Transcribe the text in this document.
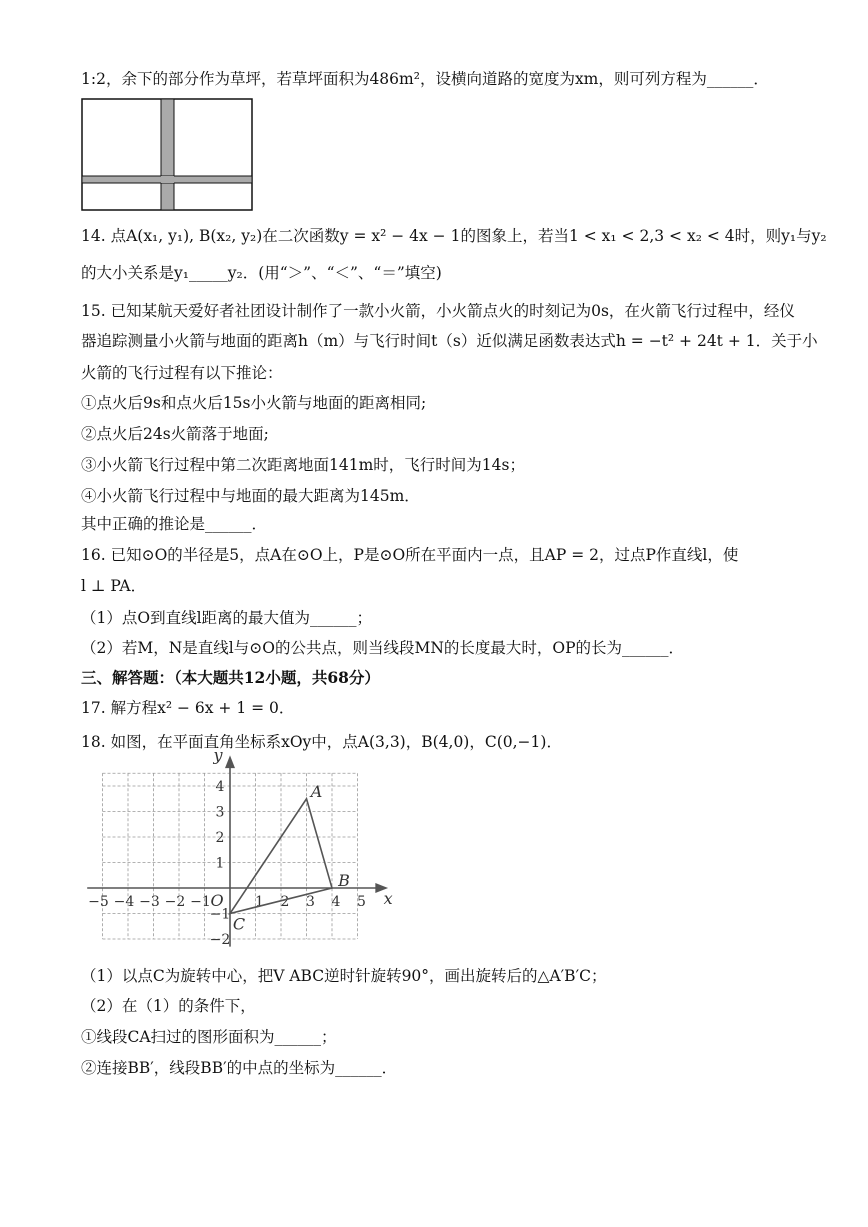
1:2，余下的部分作为草坪，若草坪面积为486m²，设横向道路的宽度为xm，则可列方程为______．
14. 点A(x₁, y₁), B(x₂, y₂)在二次函数y = x² − 4x − 1的图象上，若当1 < x₁ < 2,3 < x₂ < 4时，则y₁与y₂
的大小关系是y₁_____y₂．(用“＞”、“＜”、“＝”填空)
15. 已知某航天爱好者社团设计制作了一款小火箭，小火箭点火的时刻记为0s，在火箭飞行过程中，经仪
器追踪测量小火箭与地面的距离h（m）与飞行时间t（s）近似满足函数表达式h = −t² + 24t + 1．关于小
火箭的飞行过程有以下推论：
①点火后9s和点火后15s小火箭与地面的距离相同;
②点火后24s火箭落于地面;
③小火箭飞行过程中第二次距离地面141m时，飞行时间为14s；
④小火箭飞行过程中与地面的最大距离为145m．
其中正确的推论是______．
16. 已知⊙O的半径是5，点A在⊙O上，P是⊙O所在平面内一点，且AP = 2，过点P作直线l，使
l ⊥ PA．
（1）点O到直线l距离的最大值为______；
（2）若M，N是直线l与⊙O的公共点，则当线段MN的长度最大时，OP的长为______．
三、解答题：（本大题共12小题，共68分）
17. 解方程x² − 6x + 1 = 0．
18. 如图，在平面直角坐标系xOy中，点A(3,3)，B(4,0)，C(0,−1)．
x
y
O
−5 −4 −3 −2 −1	1 2 3 4 5
4
3
2
1
−1
−2
A
B
C
（1）以点C为旋转中心，把V ABC逆时针旋转90°，画出旋转后的△A′B′C；
（2）在（1）的条件下，
①线段CA扫过的图形面积为______；
②连接BB′，线段BB′的中点的坐标为______．
